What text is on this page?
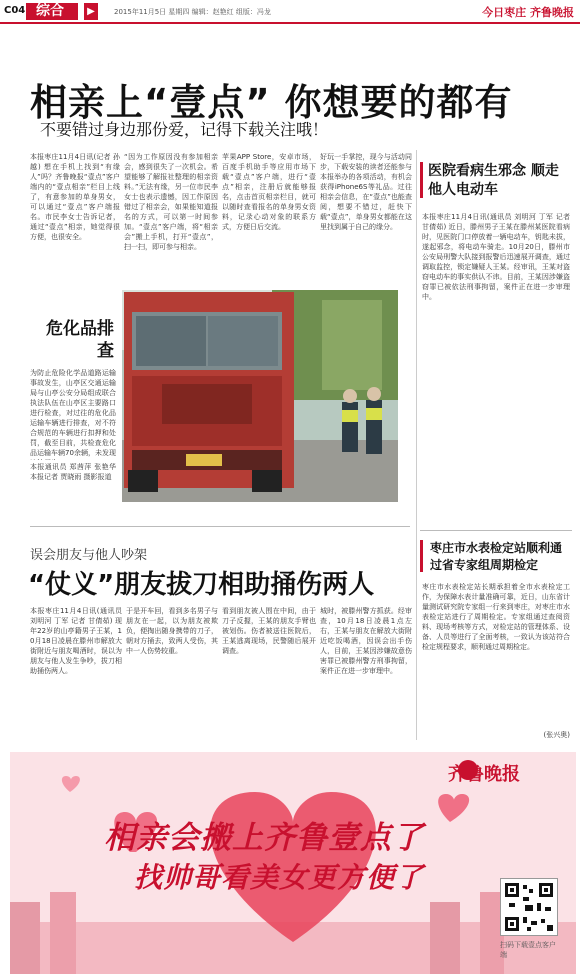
C04 综合	▶	2015年11月5日 星期四 编辑：赵艳红 组版：冯龙	今日枣庄 齐鲁晚报
相亲上“壹点” 你想要的都有
不要错过身边那份爱，记得下载关注哦！
本报枣庄11月4日讯(记者 孙越) 想在手机上找到“有缘人”吗？齐鲁晚报“壹点”客户端内的“壹点相亲”栏目上线了，有意参加的单身男女，可以通过“壹点”客户端报名。市民李女士告诉记者，通过“壹点”相亲，她觉得很方便，也很安全。
“因为工作原因没有参加相亲会，感到很失了一次机会。希望能够了解报社整理的相亲资料。”无法有缘，另一位市民李女士也表示遗憾，因工作原因错过了相亲会，如果能知道报名的方式，可以第一时间参加。“壹点”客户端，将“相亲会”搬上手机，打开“壹点”，扫一扫，即可参与相亲。
苹果APP Store，安卓市场，百度手机助手等应用市场下载“壹点”客户端，进行“壹点”相亲，注册后就能够报名，点击首页相亲栏目，就可以随时查看报名的单身男女资料，记录心动对象的联系方式，方便日后交流。
好玩一手掌控，现今与活动同步，下载安装的读者还能参与本报举办的各项活动，有机会获得iPhone6S等礼品。过往相亲会信息，在“壹点”也能查阅，想要不错过，赶快下载“壹点”，单身男女都能在这里找到属于自己的缘分。
危化品排查
为防止危险化学品道路运输事故发生，山亭区交通运输局与山亭公安分局组成联合执法队伍在山亭区主要路口进行检查，对过往的危化品运输车辆进行排查，对不符合规范的车辆进行扣押和处罚，截至目前，共检查危化品运输车辆70余辆，未发现
本报通讯员 郑茜萍 张艳华 本报记者 贾晓雨 摄影报道
误会朋友与他人吵架
“仗义”朋友拔刀相助捅伤两人
本报枣庄11月4日讯(通讯员 刘明河 丁军 记者 甘倩茹) 现年22岁的山亭籍男子王某，10月18日凌晨在滕州市解放大街附近与朋友喝酒时，误以为朋友与他人发生争吵，拔刀相助捅伤两人。
于是开车回，看到多名男子与朋友在一起，以为朋友被欺负，便掏出随身携带的刀子，朝对方捅去，致两人受伤，其中一人伤势较重。
看到朋友被人围在中间，由于刀子反握，王某的朋友手臂也被划伤。伤者被送往医院后，王某逃离现场，民警随后展开调查。
城时，被滕州警方抓获。经审查，10月18日凌晨1点左右，王某与朋友在解放大街附近吃饭喝酒，因误会出手伤人，目前，王某因涉嫌故意伤害罪已被滕州警方刑事拘留，案件正在进一步审理中。
医院看病生邪念 顺走他人电动车
本报枣庄11月4日讯(通讯员 刘明河 丁军 记者 甘倩茹) 近日，滕州男子王某在滕州某医院看病时，见医院门口停放着一辆电动车，钥匙未拔，遂起邪念，将电动车骑走。10月20日，滕州市公安局刑警大队接到报警后迅速展开调查，通过调取监控，锁定嫌疑人王某。经审讯，王某对盗窃电动车的事实供认不讳。目前，王某因涉嫌盗窃罪已被依法刑事拘留，案件正在进一步审理中。
枣庄市水表检定站顺利通过省专家组周期检定
枣庄市水表检定站长期承担着全市水表检定工作，为保障水表计量准确可靠，近日，山东省计量测试研究院专家组一行来到枣庄，对枣庄市水表检定站进行了周期检定。专家组通过查阅资料、现场考核等方式，对检定站的管理体系、设备、人员等进行了全面考核，一致认为该站符合检定规程要求，顺利通过周期检定。
(张兴奥)
齐鲁晚报
相亲会搬上齐鲁壹点了
找帅哥看美女更方便了
扫码下载壹点客户端
